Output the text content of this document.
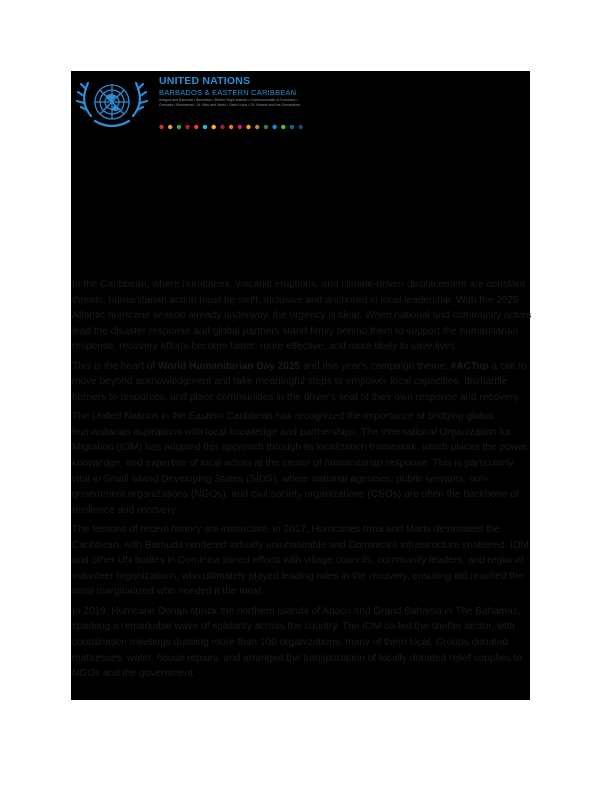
UNITED NATIONS

BARBADOS & EASTERN CARIBBEAN

Antigua and Barbuda • Barbados • British Virgin Islands • Commonwealth of Dominica • Grenada • Montserrat • St. Kitts and Nevis • Saint Lucia • St. Vincent and the Grenadines

In the Caribbean, where hurricanes, volcanic eruptions, and climate-driven displacement are constant threats, humanitarian action must be swift, inclusive and anchored in local leadership. With the 2025 Atlantic hurricane season already underway, the urgency is clear. When national and community actors lead the disaster response and global partners stand firmly behind them to support the humanitarian response, recovery efforts become faster, more effective, and more likely to save lives.

This is the heart of World Humanitarian Day 2025 and this year's campaign theme, #ACTup a call to move beyond acknowledgment and take meaningful steps to empower local capacities, dismantle barriers to resources, and place communities in the driver's seat of their own response and recovery.

The United Nations in the Eastern Caribbean has recognized the importance of bridging global humanitarian aspirations with local knowledge and partnerships. The International Organization for Migration (IOM) has adopted this approach through its localization framework, which places the power, knowledge, and expertise of local actors at the center of humanitarian response. This is particularly vital in Small Island Developing States (SIDS), where national agencies, public servants, non-government organizations (NGOs), and civil society organizations (CSOs) are often the backbone of resilience and recovery.

The lessons of recent history are instructive. In 2017, Hurricanes Irma and Maria devastated the Caribbean, with Barbuda rendered virtually uninhabitable and Dominica's infrastructure shattered. IOM and other UN bodies in Dominica joined efforts with village councils, community leaders, and regional volunteer organizations, who ultimately played leading roles in the recovery, ensuring aid reached the most marginalized who needed it the most.

In 2019, Hurricane Dorian struck the northern islands of Abaco and Grand Bahama in The Bahamas, sparking a remarkable wave of solidarity across the country. The IOM co-led the shelter sector, with coordination meetings drawing more than 100 organizations, many of them local. Groups donated mattresses, water, house repairs, and arranged the transportation of locally donated relief supplies to NGOs and the government.
